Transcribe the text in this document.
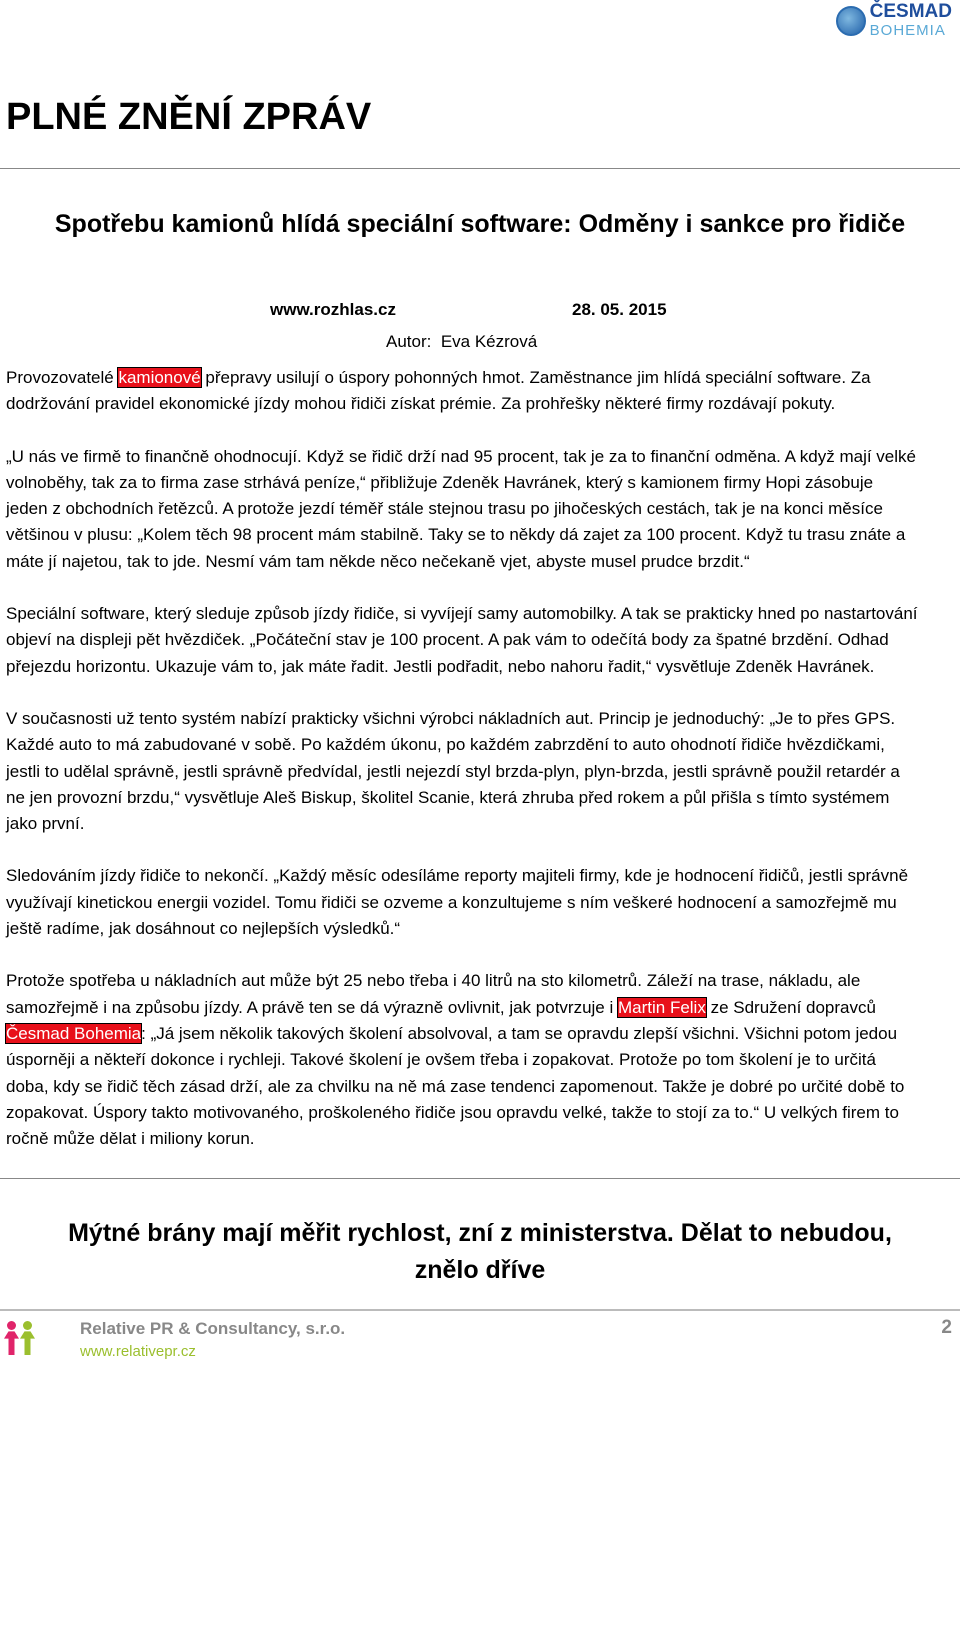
ČESMAD
BOHEMIA
PLNÉ ZNĚNÍ ZPRÁV
Spotřebu kamionů hlídá speciální software: Odměny i sankce pro řidiče
www.rozhlas.cz	28. 05. 2015
Autor: Eva Kézrová

Provozovatelé kamionové přepravy usilují o úspory pohonných hmot. Zaměstnance jim hlídá speciální software. Za dodržování pravidel ekonomické jízdy mohou řidiči získat prémie. Za prohřešky některé firmy rozdávají pokuty.

„U nás ve firmě to finančně ohodnocují. Když se řidič drží nad 95 procent, tak je za to finanční odměna. A když mají velké volnoběhy, tak za to firma zase strhává peníze,“ přibližuje Zdeněk Havránek, který s kamionem firmy Hopi zásobuje jeden z obchodních řetězců. A protože jezdí téměř stále stejnou trasu po jihočeských cestách, tak je na konci měsíce většinou v plusu: „Kolem těch 98 procent mám stabilně. Taky se to někdy dá zajet za 100 procent. Když tu trasu znáte a máte jí najetou, tak to jde. Nesmí vám tam někde něco nečekaně vjet, abyste musel prudce brzdit.“

Speciální software, který sleduje způsob jízdy řidiče, si vyvíjejí samy automobilky. A tak se prakticky hned po nastartování objeví na displeji pět hvězdiček. „Počáteční stav je 100 procent. A pak vám to odečítá body za špatné brzdění. Odhad přejezdu horizontu. Ukazuje vám to, jak máte řadit. Jestli podřadit, nebo nahoru řadit,“ vysvětluje Zdeněk Havránek.

V současnosti už tento systém nabízí prakticky všichni výrobci nákladních aut. Princip je jednoduchý: „Je to přes GPS. Každé auto to má zabudované v sobě. Po každém úkonu, po každém zabrzdění to auto ohodnotí řidiče hvězdičkami, jestli to udělal správně, jestli správně předvídal, jestli nejezdí styl brzda-plyn, plyn-brzda, jestli správně použil retardér a ne jen provozní brzdu,“ vysvětluje Aleš Biskup, školitel Scanie, která zhruba před rokem a půl přišla s tímto systémem jako první.

Sledováním jízdy řidiče to nekončí. „Každý měsíc odesíláme reporty majiteli firmy, kde je hodnocení řidičů, jestli správně využívají kinetickou energii vozidel. Tomu řidiči se ozveme a konzultujeme s ním veškeré hodnocení a samozřejmě mu ještě radíme, jak dosáhnout co nejlepších výsledků.“

Protože spotřeba u nákladních aut může být 25 nebo třeba i 40 litrů na sto kilometrů. Záleží na trase, nákladu, ale samozřejmě i na způsobu jízdy. A právě ten se dá výrazně ovlivnit, jak potvrzuje i Martin Felix ze Sdružení dopravců Česmad Bohemia: „Já jsem několik takových školení absolvoval, a tam se opravdu zlepší všichni. Všichni potom jedou úsporněji a někteří dokonce i rychleji. Takové školení je ovšem třeba i zopakovat. Protože po tom školení je to určitá doba, kdy se řidič těch zásad drží, ale za chvilku na ně má zase tendenci zapomenout. Takže je dobré po určité době to zopakovat. Úspory takto motivovaného, proškoleného řidiče jsou opravdu velké, takže to stojí za to.“ U velkých firem to ročně může dělat i miliony korun.

Mýtné brány mají měřit rychlost, zní z ministerstva. Dělat to nebudou, znělo dříve
Relative PR & Consultancy, s.r.o.
www.relativepr.cz
2
